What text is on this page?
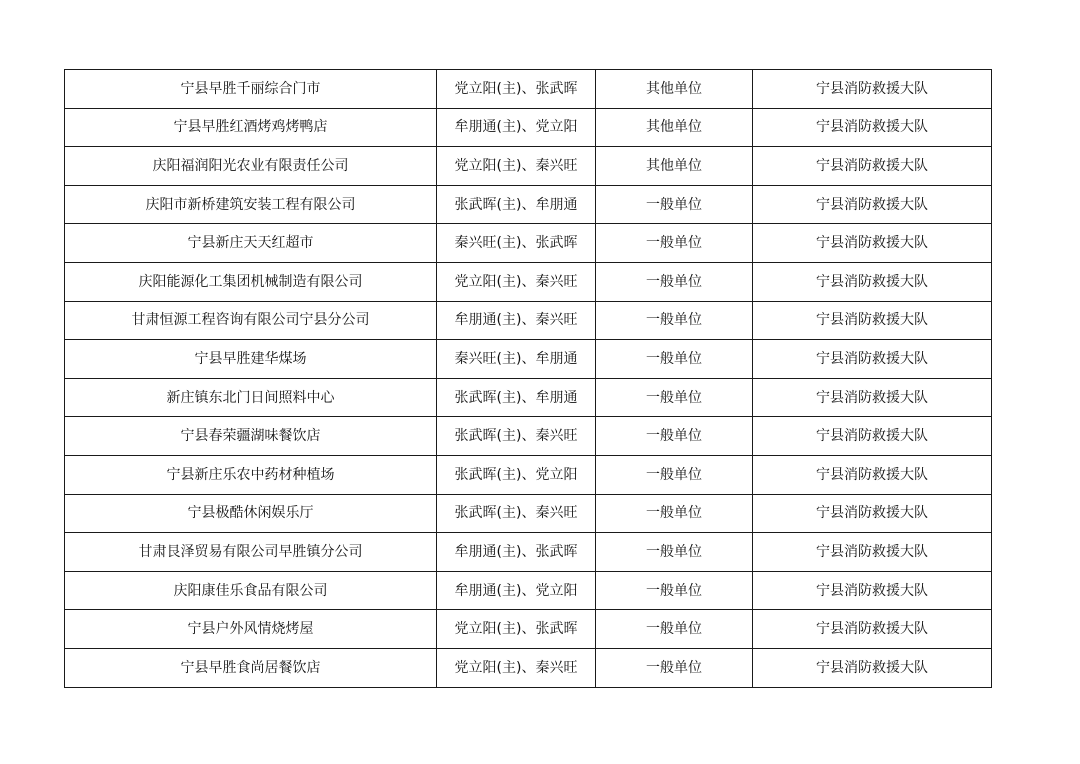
宁县早胜千丽综合门市	党立阳(主)、张武晖	其他单位	宁县消防救援大队
宁县早胜红酒烤鸡烤鸭店	牟朋通(主)、党立阳	其他单位	宁县消防救援大队
庆阳福润阳光农业有限责任公司	党立阳(主)、秦兴旺	其他单位	宁县消防救援大队
庆阳市新桥建筑安装工程有限公司	张武晖(主)、牟朋通	一般单位	宁县消防救援大队
宁县新庄天天红超市	秦兴旺(主)、张武晖	一般单位	宁县消防救援大队
庆阳能源化工集团机械制造有限公司	党立阳(主)、秦兴旺	一般单位	宁县消防救援大队
甘肃恒源工程咨询有限公司宁县分公司	牟朋通(主)、秦兴旺	一般单位	宁县消防救援大队
宁县早胜建华煤场	秦兴旺(主)、牟朋通	一般单位	宁县消防救援大队
新庄镇东北门日间照料中心	张武晖(主)、牟朋通	一般单位	宁县消防救援大队
宁县春荣疆湖味餐饮店	张武晖(主)、秦兴旺	一般单位	宁县消防救援大队
宁县新庄乐农中药材种植场	张武晖(主)、党立阳	一般单位	宁县消防救援大队
宁县极酷休闲娱乐厅	张武晖(主)、秦兴旺	一般单位	宁县消防救援大队
甘肃艮泽贸易有限公司早胜镇分公司	牟朋通(主)、张武晖	一般单位	宁县消防救援大队
庆阳康佳乐食品有限公司	牟朋通(主)、党立阳	一般单位	宁县消防救援大队
宁县户外风情烧烤屋	党立阳(主)、张武晖	一般单位	宁县消防救援大队
宁县早胜食尚居餐饮店	党立阳(主)、秦兴旺	一般单位	宁县消防救援大队
